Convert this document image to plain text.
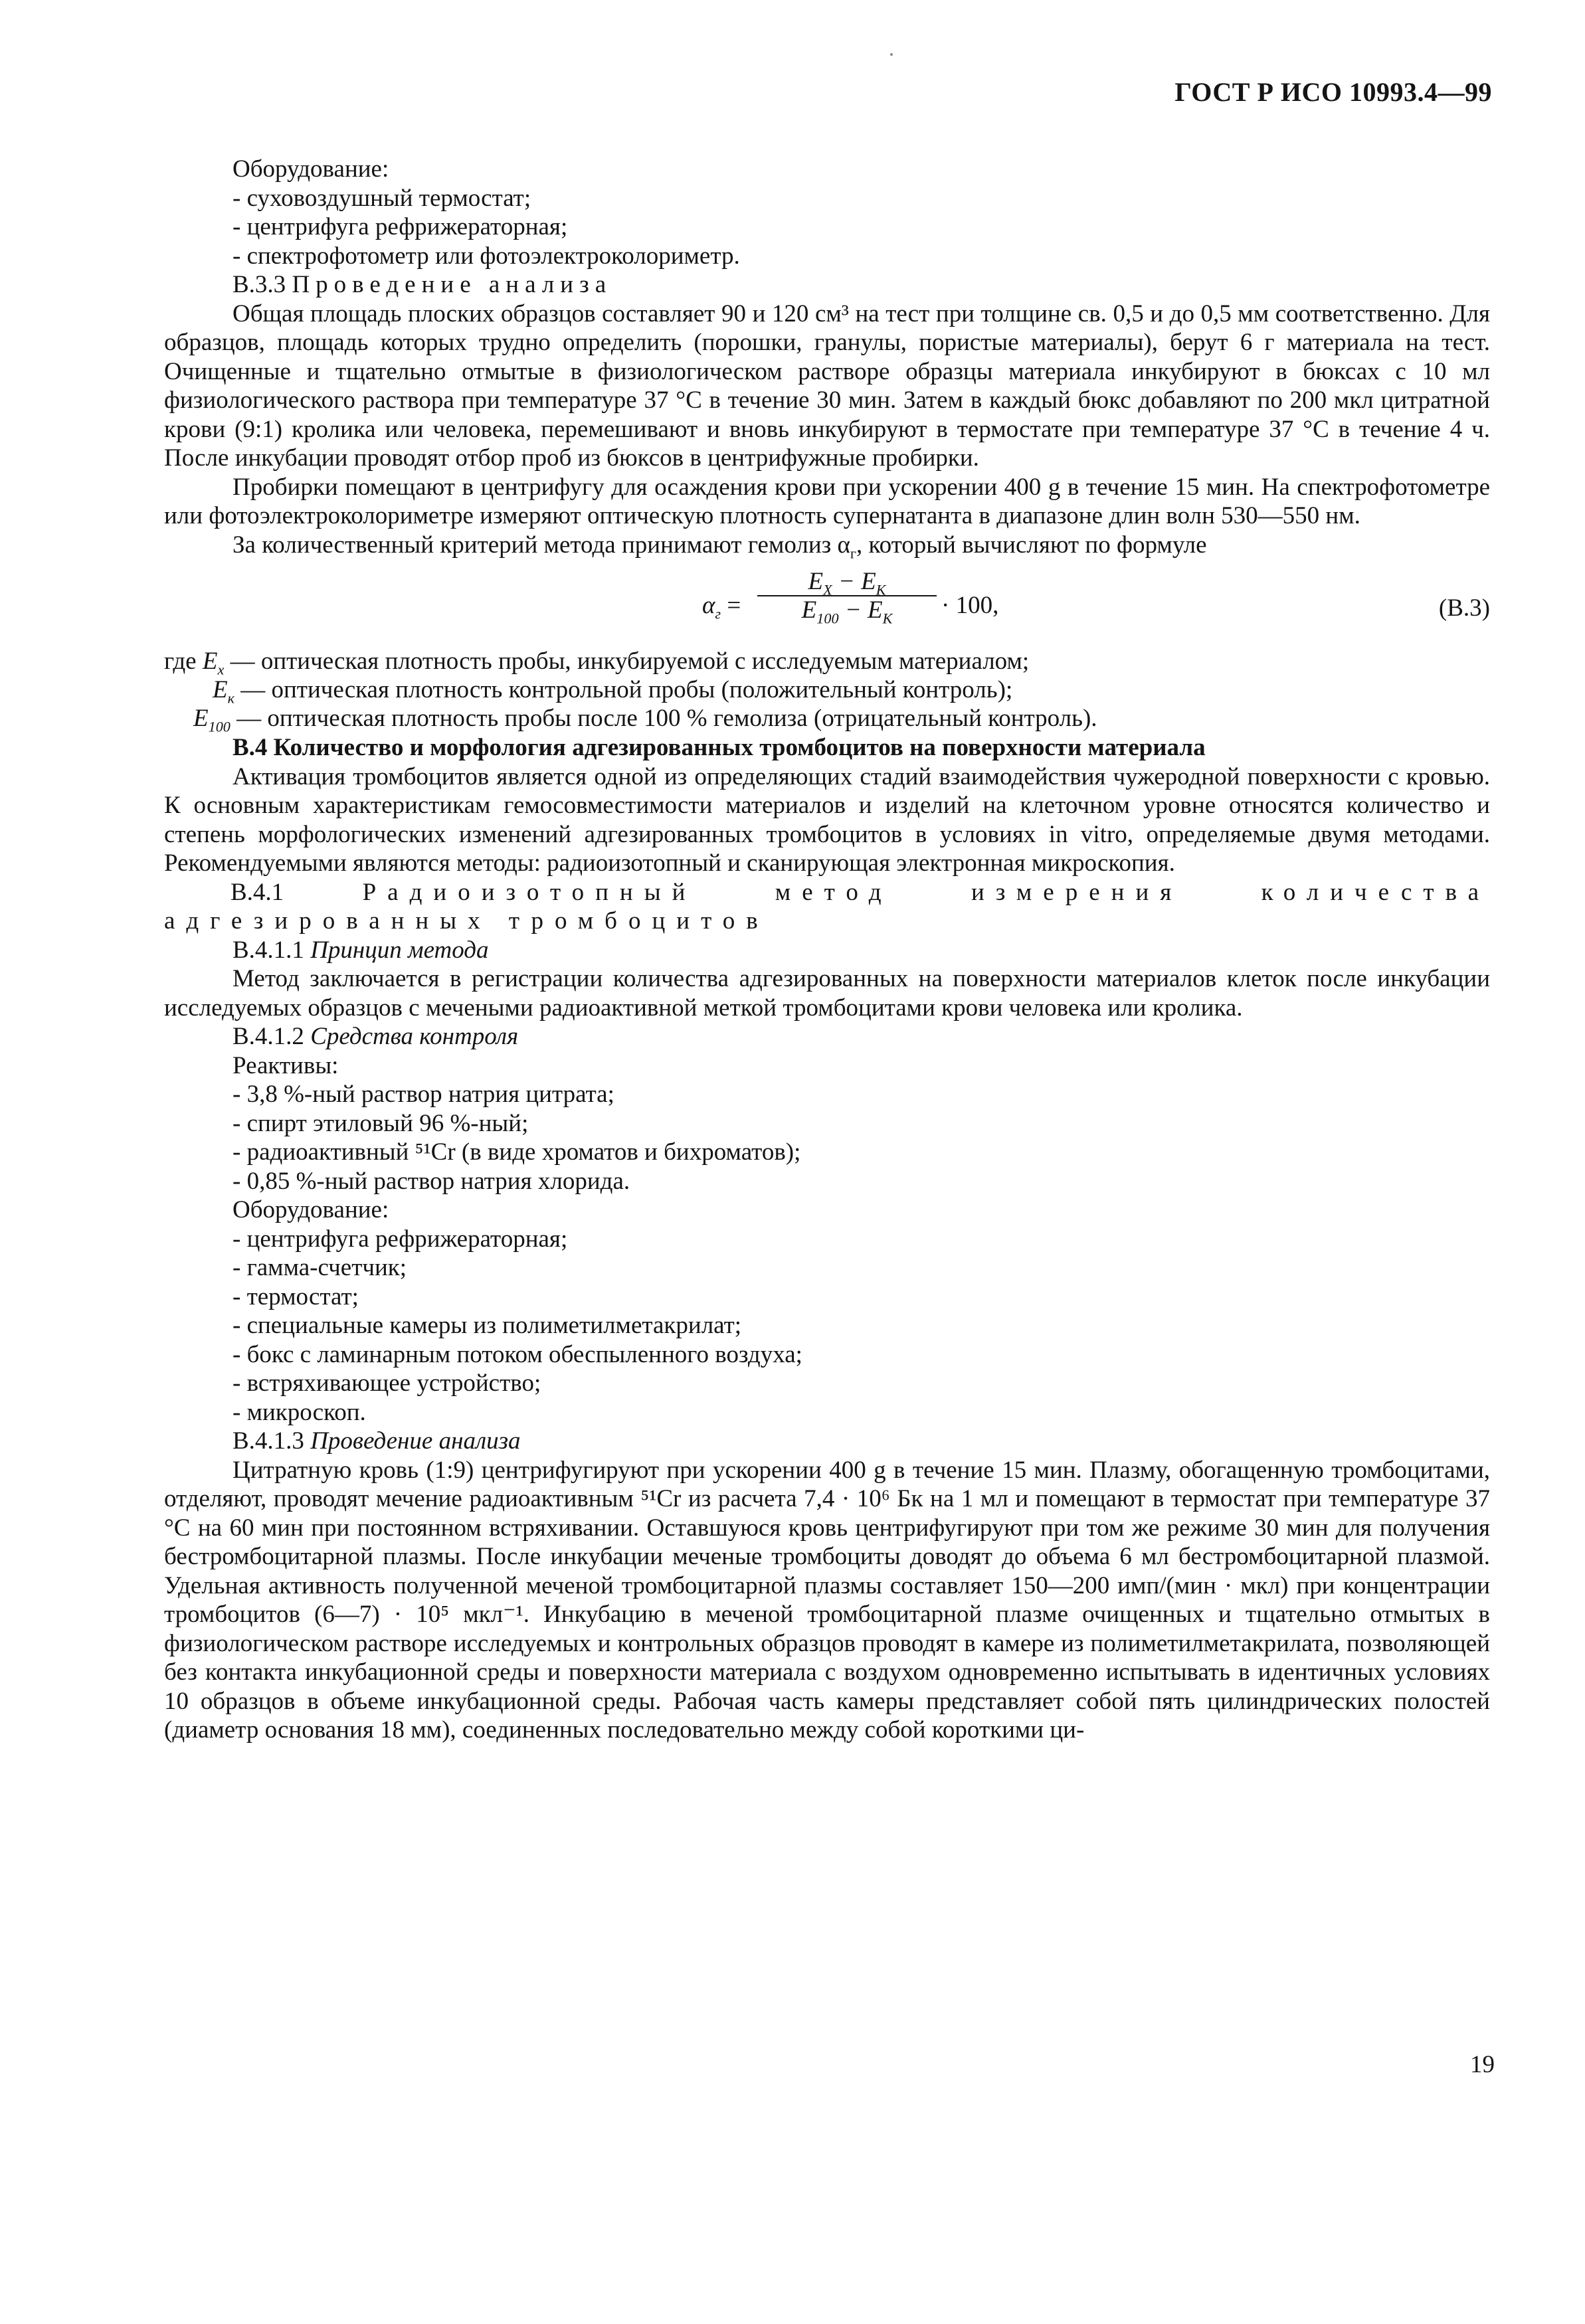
ГОСТ Р ИСО 10993.4—99

Оборудование:

- суховоздушный термостат;

- центрифуга рефрижераторная;

- спектрофотометр или фотоэлектроколориметр.

В.3.3 Проведение анализа

Общая площадь плоских образцов составляет 90 и 120 см³ на тест при толщине св. 0,5 и до 0,5 мм соответственно. Для образцов, площадь которых трудно определить (порошки, гранулы, пористые материалы), берут 6 г материала на тест. Очищенные и тщательно отмытые в физиологическом растворе образцы материала инкубируют в бюксах с 10 мл физиологического раствора при температуре 37 °С в течение 30 мин. Затем в каждый бюкс добавляют по 200 мкл цитратной крови (9:1) кролика или человека, перемешивают и вновь инкубируют в термостате при температуре 37 °С в течение 4 ч. После инкубации проводят отбор проб из бюксов в центрифужные пробирки.

Пробирки помещают в центрифугу для осаждения крови при ускорении 400 g в течение 15 мин. На спектрофотометре или фотоэлектроколориметре измеряют оптическую плотность супернатанта в диапазоне длин волн 530—550 нм.

За количественный критерий метода принимают гемолиз $\alpha_г$, который вычисляют по формуле

$\alpha_г$ =
$E_X - E_К$
$E_{100} - E_К$	· 100,	(В.3)
где $E_x$ — оптическая плотность пробы, инкубируемой с исследуемым материалом;
$E_к$ — оптическая плотность контрольной пробы (положительный контроль);
$E_{100}$ — оптическая плотность пробы после 100 % гемолиза (отрицательный контроль).

В.4 Количество и морфология адгезированных тромбоцитов на поверхности материала

Активация тромбоцитов является одной из определяющих стадий взаимодействия чужеродной поверхности с кровью. К основным характеристикам гемосовместимости материалов и изделий на клеточном уровне относятся количество и степень морфологических изменений адгезированных тромбоцитов в условиях in vitro, определяемые двумя методами. Рекомендуемыми являются методы: радиоизотопный и сканирующая электронная микроскопия.

В.4.1	Радиоизотопный метод измерения количества адгезированных тромбоцитов

В.4.1.1 Принцип метода

Метод заключается в регистрации количества адгезированных на поверхности материалов клеток после инкубации исследуемых образцов с мечеными радиоактивной меткой тромбоцитами крови человека или кролика.

В.4.1.2 Средства контроля

Реактивы:

- 3,8 %-ный раствор натрия цитрата;

- спирт этиловый 96 %-ный;

- радиоактивный ⁵¹Cr (в виде хроматов и бихроматов);

- 0,85 %-ный раствор натрия хлорида.

Оборудование:

- центрифуга рефрижераторная;

- гамма-счетчик;

- термостат;

- специальные камеры из полиметилметакрилат;

- бокс с ламинарным потоком обеспыленного воздуха;

- встряхивающее устройство;

- микроскоп.

В.4.1.3 Проведение анализа

Цитратную кровь (1:9) центрифугируют при ускорении 400 g в течение 15 мин. Плазму, обогащенную тромбоцитами, отделяют, проводят мечение радиоактивным ⁵¹Cr из расчета 7,4 · 10⁶ Бк на 1 мл и помещают в термостат при температуре 37 °С на 60 мин при постоянном встряхивании. Оставшуюся кровь центрифугируют при том же режиме 30 мин для получения бестромбоцитарной плазмы. После инкубации меченые тромбоциты доводят до объема 6 мл бестромбоцитарной плазмой. Удельная активность полученной меченой тромбоцитарной плазмы составляет 150—200 имп/(мин · мкл) при концентрации тромбоцитов (6—7) · 10⁵ мкл⁻¹. Инкубацию в меченой тромбоцитарной плазме очищенных и тщательно отмытых в физиологическом растворе исследуемых и контрольных образцов проводят в камере из полиметилметакрилата, позволяющей без контакта инкубационной среды и поверхности материала с воздухом одновременно испытывать в идентичных условиях 10 образцов в объеме инкубационной среды. Рабочая часть камеры представляет собой пять цилиндрических полостей (диаметр основания 18 мм), соединенных последовательно между собой короткими ци-

19
